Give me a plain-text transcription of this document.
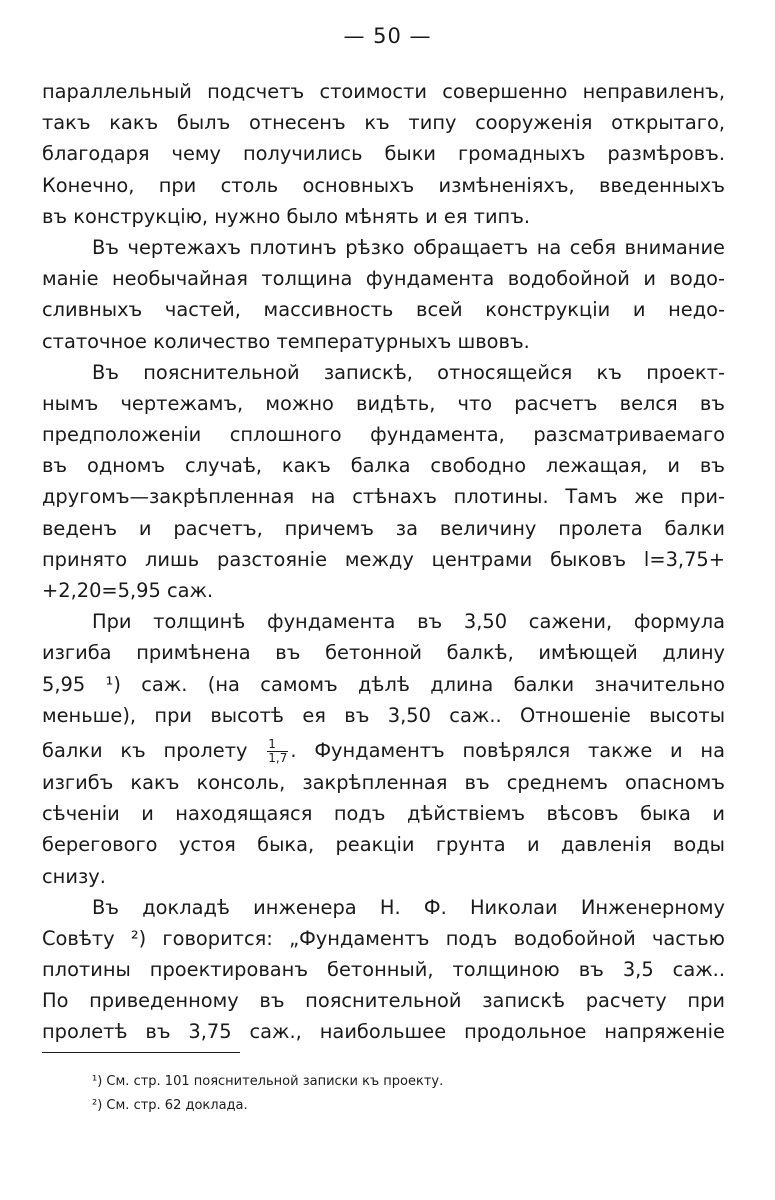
— 50 —
параллельный подсчетъ стоимости совершенно неправиленъ,
такъ какъ былъ отнесенъ къ типу сооруженія открытаго,
благодаря чему получились быки громадныхъ размѣровъ.
Конечно, при столь основныхъ измѣненіяхъ, введенныхъ
въ конструкцію, нужно было мѣнять и ея типъ.
Въ чертежахъ плотинъ рѣзко обращаетъ на себя внимание
маніе необычайная толщина фундамента водобойной и водо-
сливныхъ частей, массивность всей конструкціи и недо-
статочное количество температурныхъ швовъ.
Въ пояснительной запискѣ, относящейся къ проект-
нымъ чертежамъ, можно видѣть, что расчетъ велся въ
предположеніи сплошного фундамента, разсматриваемаго
въ одномъ случаѣ, какъ балка свободно лежащая, и въ
другомъ—закрѣпленная на стѣнахъ плотины. Тамъ же при-
веденъ и расчетъ, причемъ за величину пролета балки
принято лишь разстояніе между центрами быковъ l=3,75+
+2,20=5,95 саж.
При толщинѣ фундамента въ 3,50 сажени, формула
изгиба примѣнена въ бетонной балкѣ, имѣющей длину
5,95 ¹) саж. (на самомъ дѣлѣ длина балки значительно
меньше), при высотѣ ея въ 3,50 саж.. Отношеніе высоты
балки къ пролету $\frac{1}{1,7}$ . Фундаментъ повѣрялся также и на
изгибъ какъ консоль, закрѣпленная въ среднемъ опасномъ
сѣченіи и находящаяся подъ дѣйствіемъ вѣсовъ быка и
берегового устоя быка, реакціи грунта и давленія воды
снизу.
Въ докладѣ инженера Н. Ф. Николаи Инженерному
Совѣту ²) говорится: „Фундаментъ подъ водобойной частью
плотины проектированъ бетонный, толщиною въ 3,5 саж..
По приведенному въ пояснительной запискѣ расчету при
пролетѣ въ 3,75 саж., наибольшее продольное напряженіе
¹) См. стр. 101 пояснительной записки къ проекту.
²) См. стр. 62 доклада.
